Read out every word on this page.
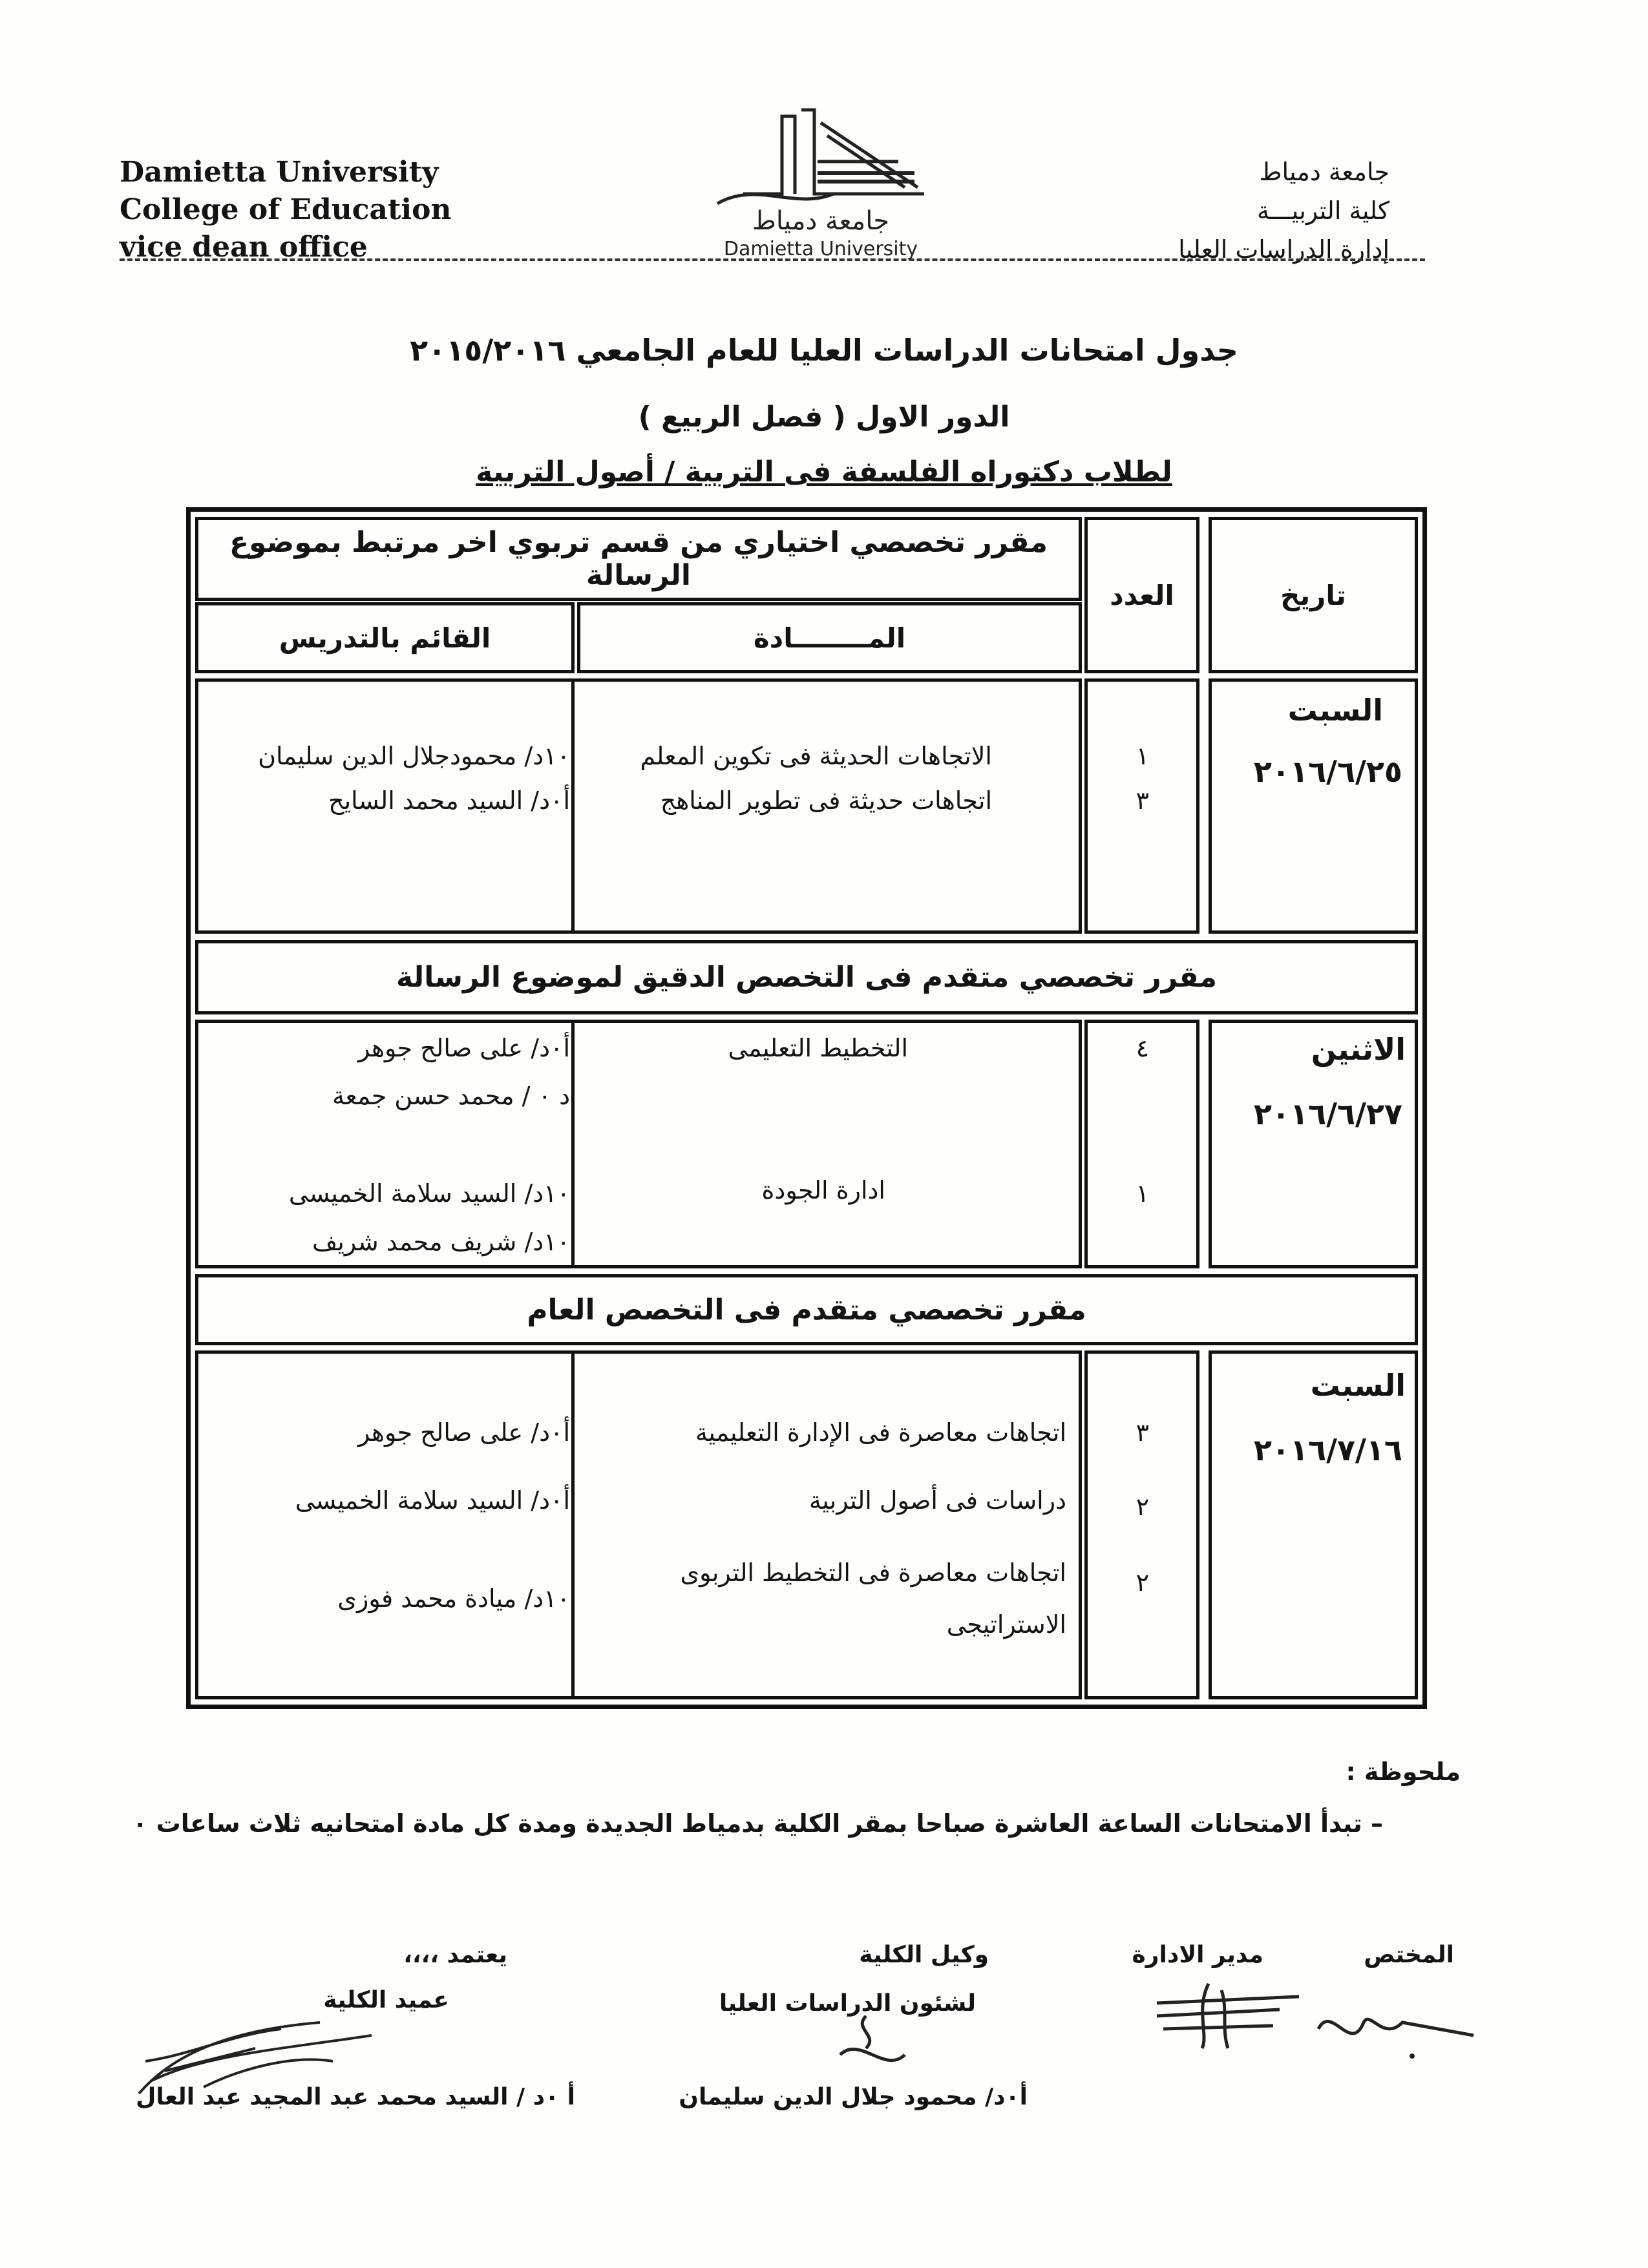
Damietta University
College of Education
vice dean office
جامعة دمياط
Damietta University
جامعة دمياط
كلية التربيـــة
إدارة الدراسات العليا
جدول امتحانات الدراسات العليا للعام الجامعي ٢٠١٥/٢٠١٦
الدور الاول ( فصل الربيع )
لطلاب دكتوراه الفلسفة فى التربية / أصول التربية
مقرر تخصصي اختياري من قسم تربوي اخر مرتبط بموضوع الرسالة
القائم بالتدريس	المــــــــادة
العدد	تاريخ
السبت
٢٠١٦/٦/٢٥
١
٣
الاتجاهات الحديثة فى تكوين المعلم
اتجاهات حديثة فى تطوير المناهج
١٠د/ محمودجلال الدين سليمان
أ٠د/ السيد محمد السايح
مقرر تخصصي متقدم فى التخصص الدقيق لموضوع الرسالة
الاثنين
٢٠١٦/٦/٢٧
٤
التخطيط التعليمى
أ٠د/ على صالح جوهر
د ٠ / محمد حسن جمعة
١
ادارة الجودة
١٠د/ السيد سلامة الخميسى
١٠د/ شريف محمد شريف
مقرر تخصصي متقدم فى التخصص العام
السبت
٢٠١٦/٧/١٦
٣
اتجاهات معاصرة فى الإدارة التعليمية
أ٠د/ على صالح جوهر
٢
دراسات فى أصول التربية
أ٠د/ السيد سلامة الخميسى
٢
اتجاهات معاصرة فى التخطيط التربوى
الاستراتيجى
١٠د/ ميادة محمد فوزى
ملحوظة :
– تبدأ الامتحانات الساعة العاشرة صباحا بمقر الكلية بدمياط الجديدة ومدة كل مادة امتحانيه ثلاث ساعات ٠
المختص
مدير الادارة
وكيل الكلية
لشئون الدراسات العليا
أ٠د/ محمود جلال الدين سليمان
يعتمد ،،،،
عميد الكلية
أ ٠د / السيد محمد عبد المجيد عبد العال
